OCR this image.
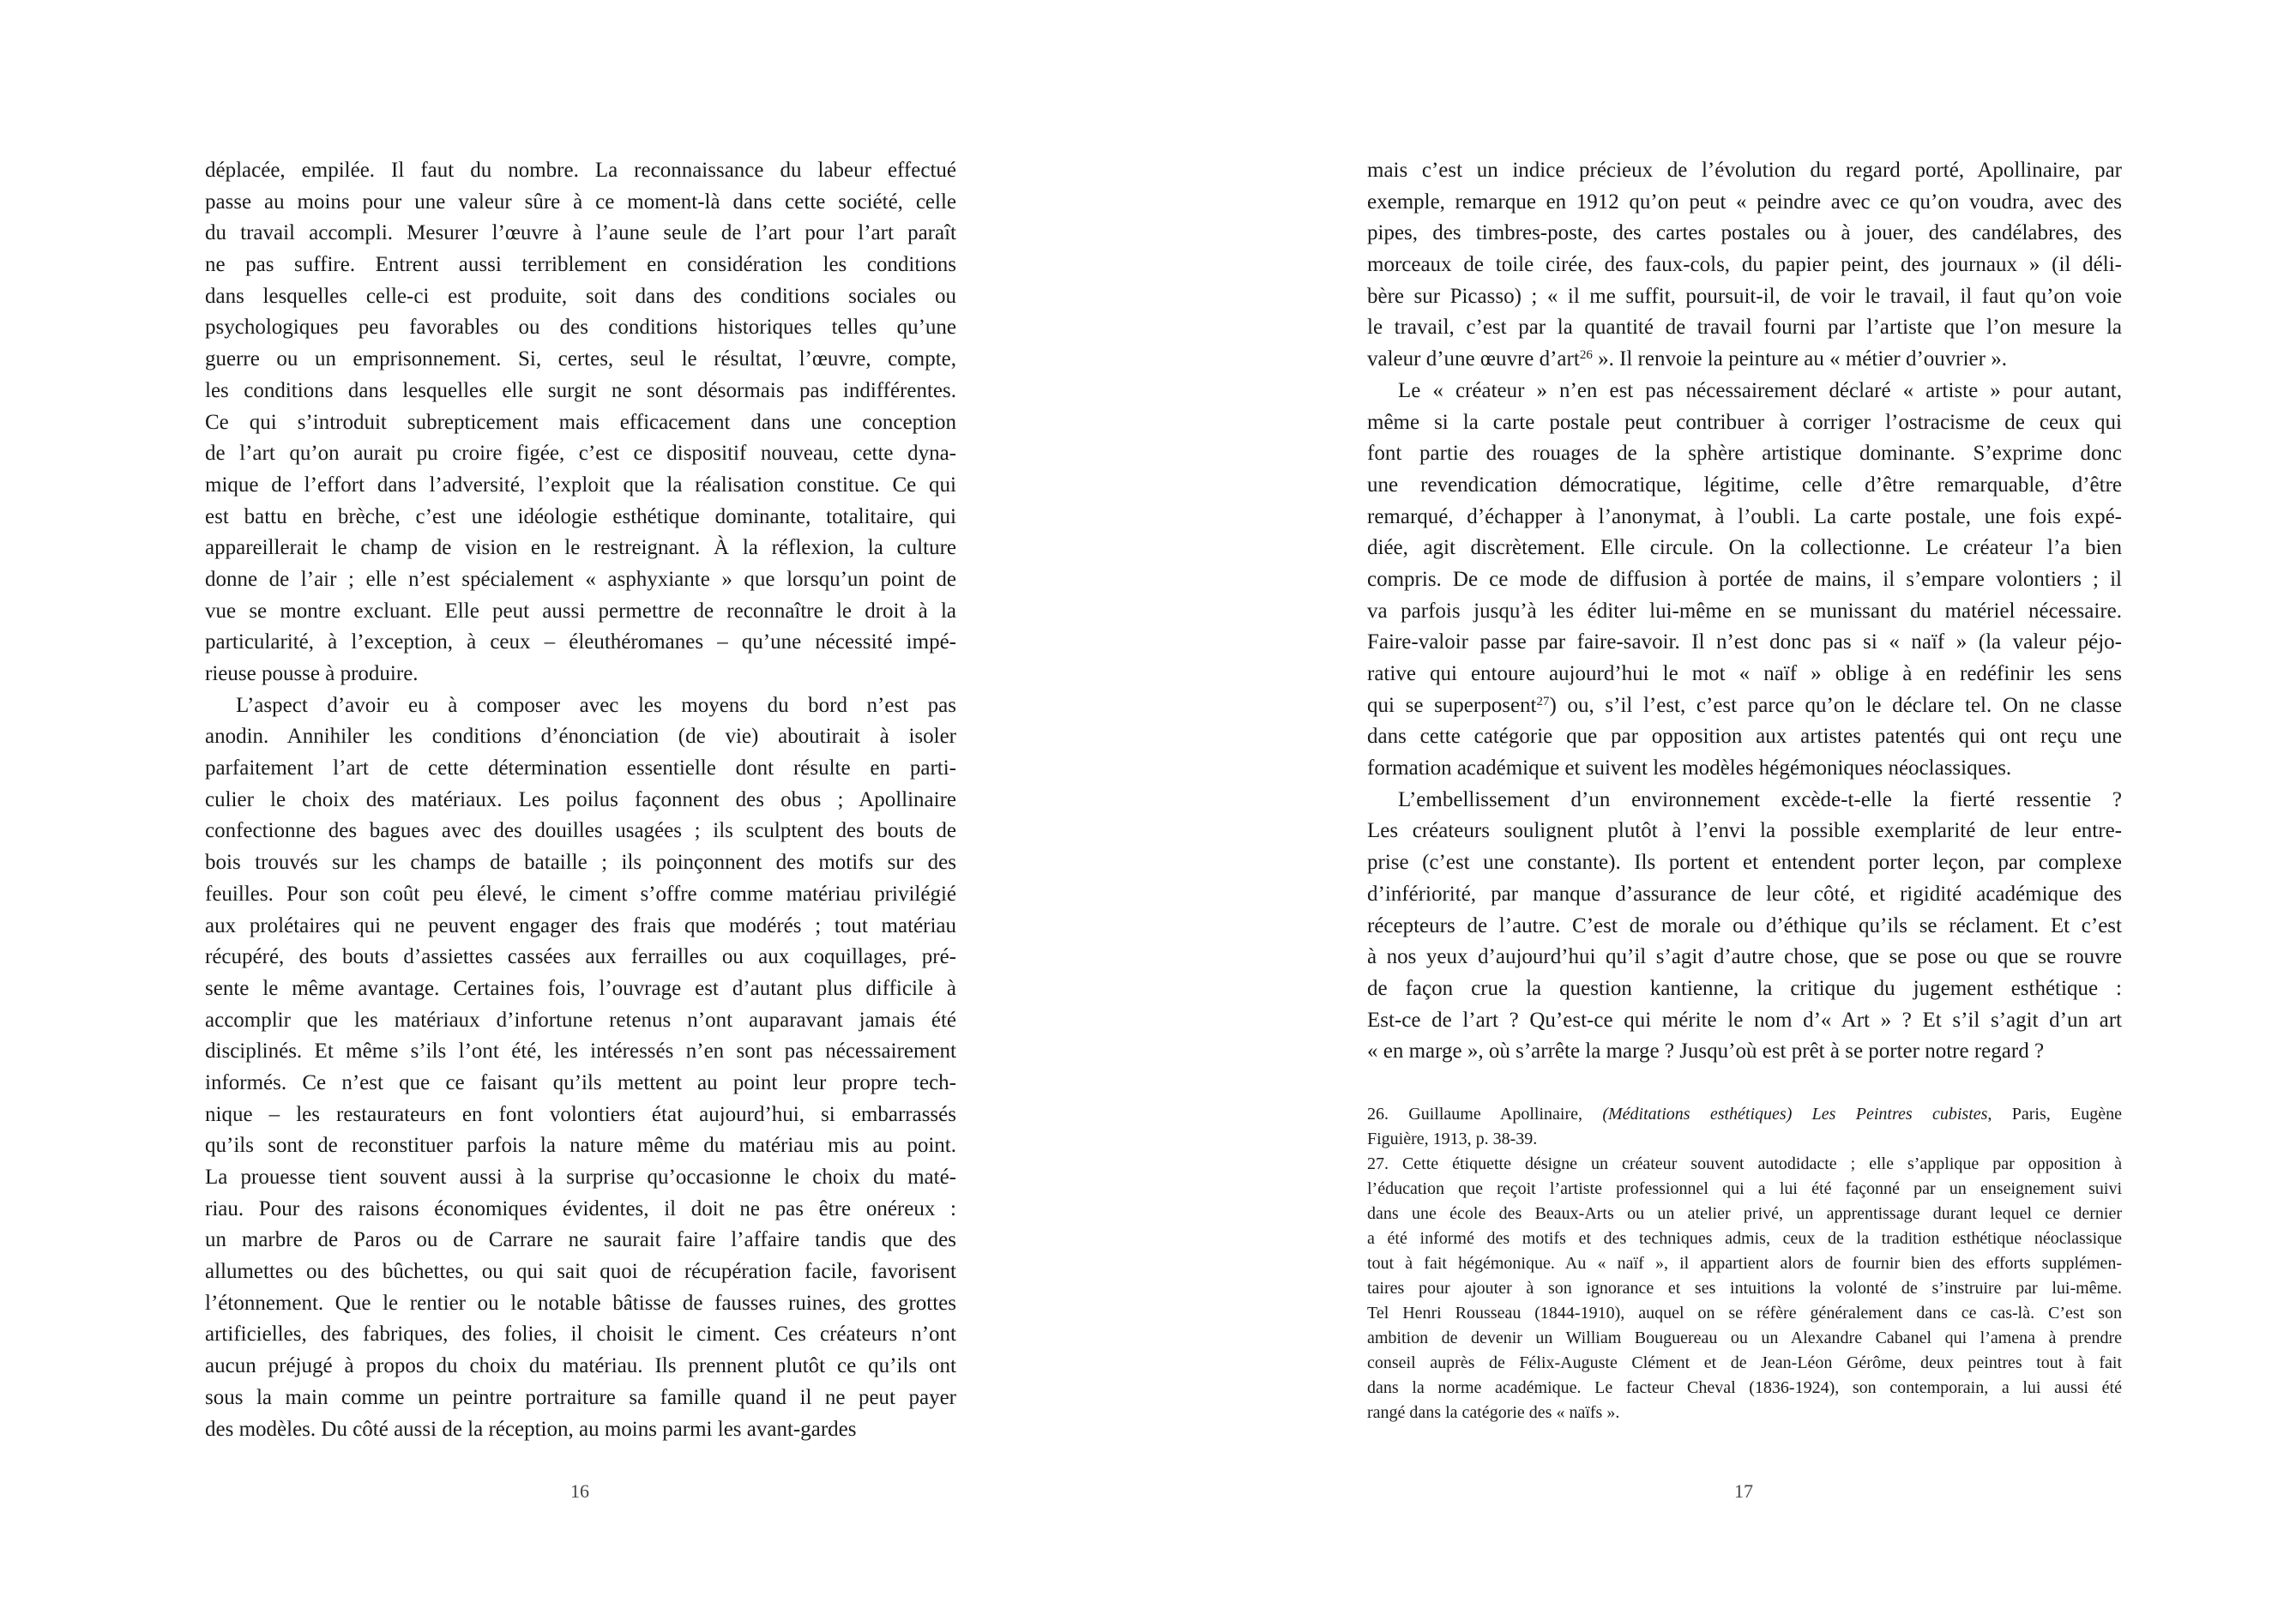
déplacée, empilée. Il faut du nombre. La reconnaissance du labeur effectué
passe au moins pour une valeur sûre à ce moment-là dans cette société, celle
du travail accompli. Mesurer l’œuvre à l’aune seule de l’art pour l’art paraît
ne pas suffire. Entrent aussi terriblement en considération les conditions
dans lesquelles celle-ci est produite, soit dans des conditions sociales ou
psychologiques peu favorables ou des conditions historiques telles qu’une
guerre ou un emprisonnement. Si, certes, seul le résultat, l’œuvre, compte,
les conditions dans lesquelles elle surgit ne sont désormais pas indifférentes.
Ce qui s’introduit subrepticement mais efficacement dans une conception
de l’art qu’on aurait pu croire figée, c’est ce dispositif nouveau, cette dyna-
mique de l’effort dans l’adversité, l’exploit que la réalisation constitue. Ce qui
est battu en brèche, c’est une idéologie esthétique dominante, totalitaire, qui
appareillerait le champ de vision en le restreignant. À la réflexion, la culture
donne de l’air ; elle n’est spécialement « asphyxiante » que lorsqu’un point de
vue se montre excluant. Elle peut aussi permettre de reconnaître le droit à la
particularité, à l’exception, à ceux – éleuthéromanes – qu’une nécessité impé-
rieuse pousse à produire.
L’aspect d’avoir eu à composer avec les moyens du bord n’est pas
anodin. Annihiler les conditions d’énonciation (de vie) aboutirait à isoler
parfaitement l’art de cette détermination essentielle dont résulte en parti-
culier le choix des matériaux. Les poilus façonnent des obus ; Apollinaire
confectionne des bagues avec des douilles usagées ; ils sculptent des bouts de
bois trouvés sur les champs de bataille ; ils poinçonnent des motifs sur des
feuilles. Pour son coût peu élevé, le ciment s’offre comme matériau privilégié
aux prolétaires qui ne peuvent engager des frais que modérés ; tout matériau
récupéré, des bouts d’assiettes cassées aux ferrailles ou aux coquillages, pré-
sente le même avantage. Certaines fois, l’ouvrage est d’autant plus difficile à
accomplir que les matériaux d’infortune retenus n’ont auparavant jamais été
disciplinés. Et même s’ils l’ont été, les intéressés n’en sont pas nécessairement
informés. Ce n’est que ce faisant qu’ils mettent au point leur propre tech-
nique – les restaurateurs en font volontiers état aujourd’hui, si embarrassés
qu’ils sont de reconstituer parfois la nature même du matériau mis au point.
La prouesse tient souvent aussi à la surprise qu’occasionne le choix du maté-
riau. Pour des raisons économiques évidentes, il doit ne pas être onéreux :
un marbre de Paros ou de Carrare ne saurait faire l’affaire tandis que des
allumettes ou des bûchettes, ou qui sait quoi de récupération facile, favorisent
l’étonnement. Que le rentier ou le notable bâtisse de fausses ruines, des grottes
artificielles, des fabriques, des folies, il choisit le ciment. Ces créateurs n’ont
aucun préjugé à propos du choix du matériau. Ils prennent plutôt ce qu’ils ont
sous la main comme un peintre portraiture sa famille quand il ne peut payer
des modèles. Du côté aussi de la réception, au moins parmi les avant-gardes
16
mais c’est un indice précieux de l’évolution du regard porté, Apollinaire, par
exemple, remarque en 1912 qu’on peut « peindre avec ce qu’on voudra, avec des
pipes, des timbres-poste, des cartes postales ou à jouer, des candélabres, des
morceaux de toile cirée, des faux-cols, du papier peint, des journaux » (il déli-
bère sur Picasso) ; « il me suffit, poursuit-il, de voir le travail, il faut qu’on voie
le travail, c’est par la quantité de travail fourni par l’artiste que l’on mesure la
valeur d’une œuvre d’art$^{26}$ ». Il renvoie la peinture au « métier d’ouvrier ».
Le « créateur » n’en est pas nécessairement déclaré « artiste » pour autant,
même si la carte postale peut contribuer à corriger l’ostracisme de ceux qui
font partie des rouages de la sphère artistique dominante. S’exprime donc
une revendication démocratique, légitime, celle d’être remarquable, d’être
remarqué, d’échapper à l’anonymat, à l’oubli. La carte postale, une fois expé-
diée, agit discrètement. Elle circule. On la collectionne. Le créateur l’a bien
compris. De ce mode de diffusion à portée de mains, il s’empare volontiers ; il
va parfois jusqu’à les éditer lui-même en se munissant du matériel nécessaire.
Faire-valoir passe par faire-savoir. Il n’est donc pas si « naïf » (la valeur péjo-
rative qui entoure aujourd’hui le mot « naïf » oblige à en redéfinir les sens
qui se superposent$^{27}$) ou, s’il l’est, c’est parce qu’on le déclare tel. On ne classe
dans cette catégorie que par opposition aux artistes patentés qui ont reçu une
formation académique et suivent les modèles hégémoniques néoclassiques.
L’embellissement d’un environnement excède-t-elle la fierté ressentie ?
Les créateurs soulignent plutôt à l’envi la possible exemplarité de leur entre-
prise (c’est une constante). Ils portent et entendent porter leçon, par complexe
d’infériorité, par manque d’assurance de leur côté, et rigidité académique des
récepteurs de l’autre. C’est de morale ou d’éthique qu’ils se réclament. Et c’est
à nos yeux d’aujourd’hui qu’il s’agit d’autre chose, que se pose ou que se rouvre
de façon crue la question kantienne, la critique du jugement esthétique :
Est-ce de l’art ? Qu’est-ce qui mérite le nom d’« Art » ? Et s’il s’agit d’un art
« en marge », où s’arrête la marge ? Jusqu’où est prêt à se porter notre regard ?
26. Guillaume Apollinaire, (Méditations esthétiques) Les Peintres cubistes, Paris, Eugène
Figuière, 1913, p. 38-39.
27. Cette étiquette désigne un créateur souvent autodidacte ; elle s’applique par opposition à
l’éducation que reçoit l’artiste professionnel qui a lui été façonné par un enseignement suivi
dans une école des Beaux-Arts ou un atelier privé, un apprentissage durant lequel ce dernier
a été informé des motifs et des techniques admis, ceux de la tradition esthétique néoclassique
tout à fait hégémonique. Au « naïf », il appartient alors de fournir bien des efforts supplémen-
taires pour ajouter à son ignorance et ses intuitions la volonté de s’instruire par lui-même.
Tel Henri Rousseau (1844-1910), auquel on se réfère généralement dans ce cas-là. C’est son
ambition de devenir un William Bouguereau ou un Alexandre Cabanel qui l’amena à prendre
conseil auprès de Félix-Auguste Clément et de Jean-Léon Gérôme, deux peintres tout à fait
dans la norme académique. Le facteur Cheval (1836-1924), son contemporain, a lui aussi été
rangé dans la catégorie des « naïfs ».
17
